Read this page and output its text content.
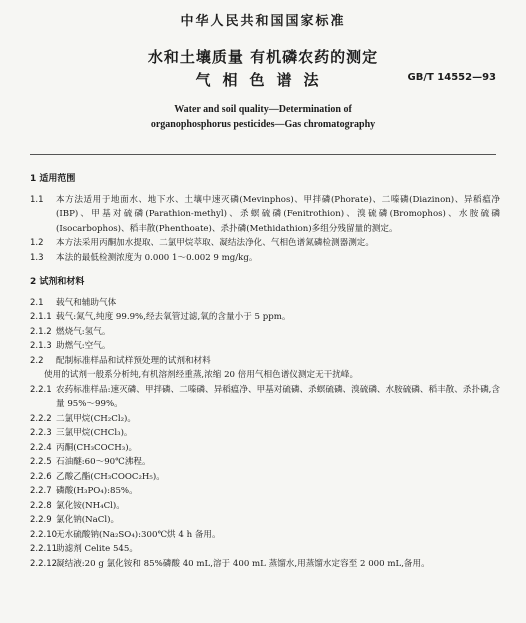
中华人民共和国国家标准
水和土壤质量 有机磷农药的测定
气相色谱法	GB/T 14552—93
Water and soil quality—Determination of
organophosphorus pesticides—Gas chromatography

1 适用范围

1.1	本方法适用于地面水、地下水、土壤中速灭磷(Mevinphos)、甲拌磷(Phorate)、二嗪磷(Diazinon)、异稻瘟净(IBP)、甲基对硫磷(Parathion-methyl)、杀螟硫磷(Fenitrothion)、溴硫磷(Bromophos)、水胺硫磷(Isocarbophos)、稻丰散(Phenthoate)、杀扑磷(Methidathion)多组分残留量的测定。
1.2	本方法采用丙酮加水提取、二氯甲烷萃取、凝结法净化、气相色谱氮磷检测器测定。
1.3	本法的最低检测浓度为 0.000 1～0.002 9 mg/kg。

2 试剂和材料

2.1	载气和辅助气体
2.1.1 载气:氮气,纯度 99.9%,经去氧管过滤,氧的含量小于 5 ppm。
2.1.2 燃烧气:氢气。
2.1.3 助燃气:空气。
2.2	配制标准样品和试样预处理的试剂和材料

使用的试剂一般系分析纯,有机溶剂经重蒸,浓缩 20 倍用气相色谱仪测定无干扰峰。

2.2.1 农药标准样品:速灭磷、甲拌磷、二嗪磷、异稻瘟净、甲基对硫磷、杀螟硫磷、溴硫磷、水胺硫磷、稻丰散、杀扑磷,含量 95%～99%。
2.2.2 二氯甲烷(CH₂Cl₂)。
2.2.3 三氯甲烷(CHCl₃)。
2.2.4 丙酮(CH₃COCH₃)。
2.2.5 石油醚:60～90℃沸程。
2.2.6 乙酸乙酯(CH₃COOC₂H₅)。
2.2.7 磷酸(H₃PO₄):85%。
2.2.8 氯化铵(NH₄Cl)。
2.2.9 氯化钠(NaCl)。
2.2.10
无水硫酸钠(Na₂SO₄):300℃烘 4 h 备用。
2.2.11
助滤剂 Celite 545。
2.2.12
凝结液:20 g 氯化铵和 85%磷酸 40 mL,溶于 400 mL 蒸馏水,用蒸馏水定容至 2 000 mL,备用。
